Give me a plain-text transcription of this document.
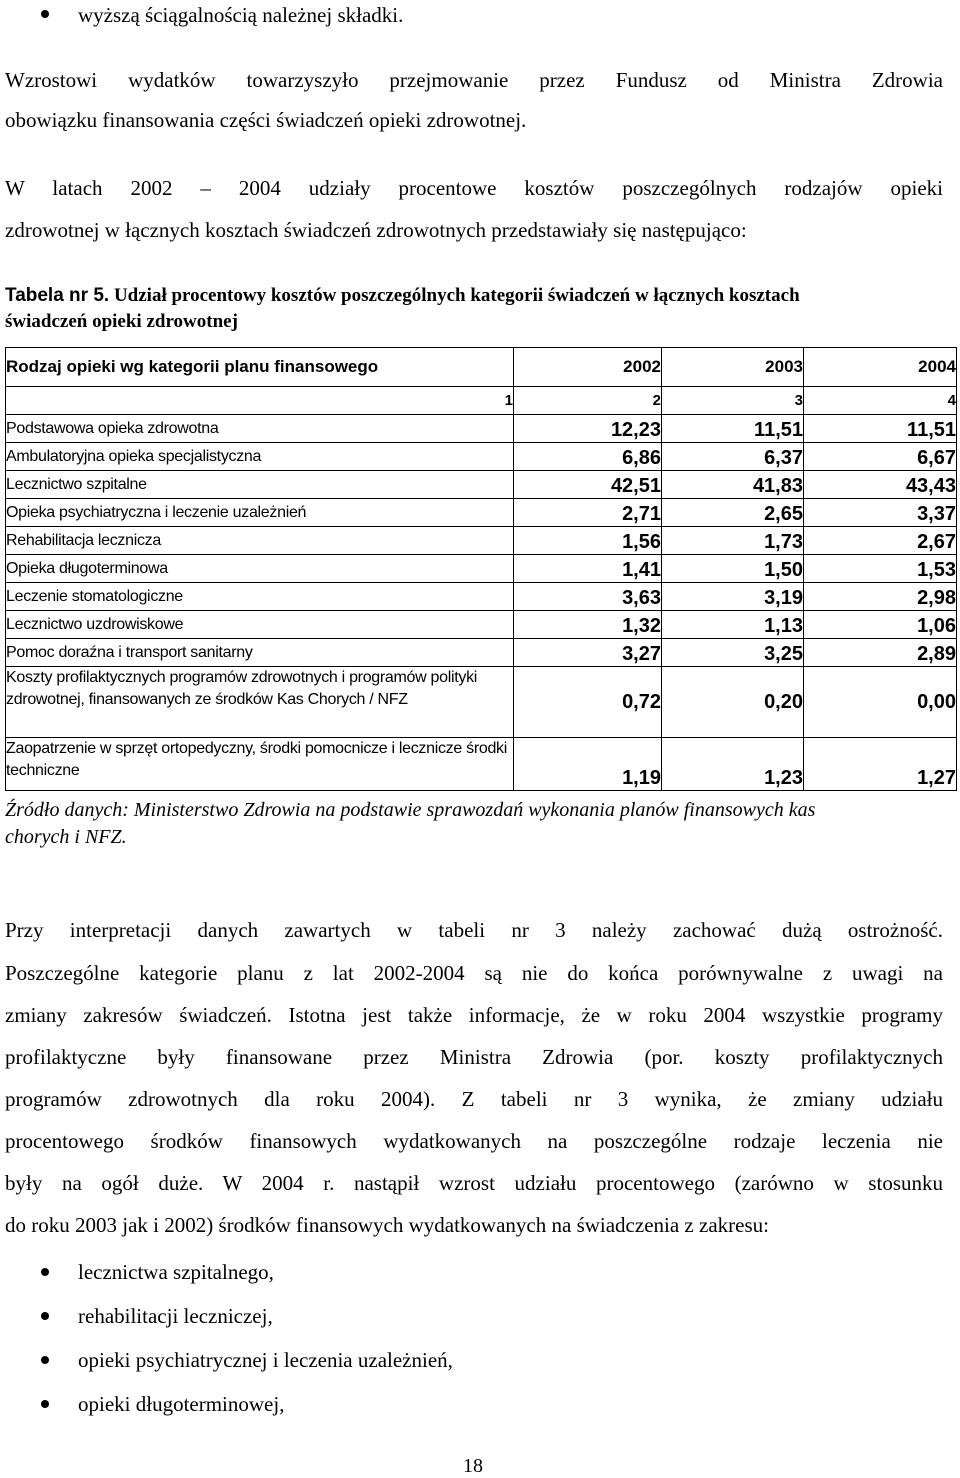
wyższą ściągalnością należnej składki.
Wzrostowi wydatków towarzyszyło przejmowanie przez Fundusz od Ministra Zdrowia
obowiązku finansowania części świadczeń opieki zdrowotnej.
W latach 2002 – 2004 udziały procentowe kosztów poszczególnych rodzajów opieki
zdrowotnej w łącznych kosztach świadczeń zdrowotnych przedstawiały się następująco:
Tabela nr 5. Udział procentowy kosztów poszczególnych kategorii świadczeń w łącznych kosztach
świadczeń opieki zdrowotnej
Rodzaj opieki wg kategorii planu finansowego	2002	2003	2004
1	2	3	4
Podstawowa opieka zdrowotna	12,23	11,51	11,51
Ambulatoryjna opieka specjalistyczna	6,86	6,37	6,67
Lecznictwo szpitalne	42,51	41,83	43,43
Opieka psychiatryczna i leczenie uzależnień	2,71	2,65	3,37
Rehabilitacja lecznicza	1,56	1,73	2,67
Opieka długoterminowa	1,41	1,50	1,53
Leczenie stomatologiczne	3,63	3,19	2,98
Lecznictwo uzdrowiskowe	1,32	1,13	1,06
Pomoc doraźna i transport sanitarny	3,27	3,25	2,89
Koszty profilaktycznych programów zdrowotnych i programów polityki zdrowotnej, finansowanych ze środków Kas Chorych / NFZ	0,72	0,20	0,00
Zaopatrzenie w sprzęt ortopedyczny, środki pomocnicze i lecznicze środki techniczne	1,19	1,23	1,27
Źródło danych: Ministerstwo Zdrowia na podstawie sprawozdań wykonania planów finansowych kas
chorych i NFZ.
Przy interpretacji danych zawartych w tabeli nr 3 należy zachować dużą ostrożność.
Poszczególne kategorie planu z lat 2002-2004 są nie do końca porównywalne z uwagi na
zmiany zakresów świadczeń. Istotna jest także informacje, że w roku 2004 wszystkie programy
profilaktyczne były finansowane przez Ministra Zdrowia (por. koszty profilaktycznych
programów zdrowotnych dla roku 2004). Z tabeli nr 3 wynika, że zmiany udziału
procentowego środków finansowych wydatkowanych na poszczególne rodzaje leczenia nie
były na ogół duże. W 2004 r. nastąpił wzrost udziału procentowego (zarówno w stosunku
do roku 2003 jak i 2002) środków finansowych wydatkowanych na świadczenia z zakresu:
lecznictwa szpitalnego,
rehabilitacji leczniczej,
opieki psychiatrycznej i leczenia uzależnień,
opieki długoterminowej,
18
